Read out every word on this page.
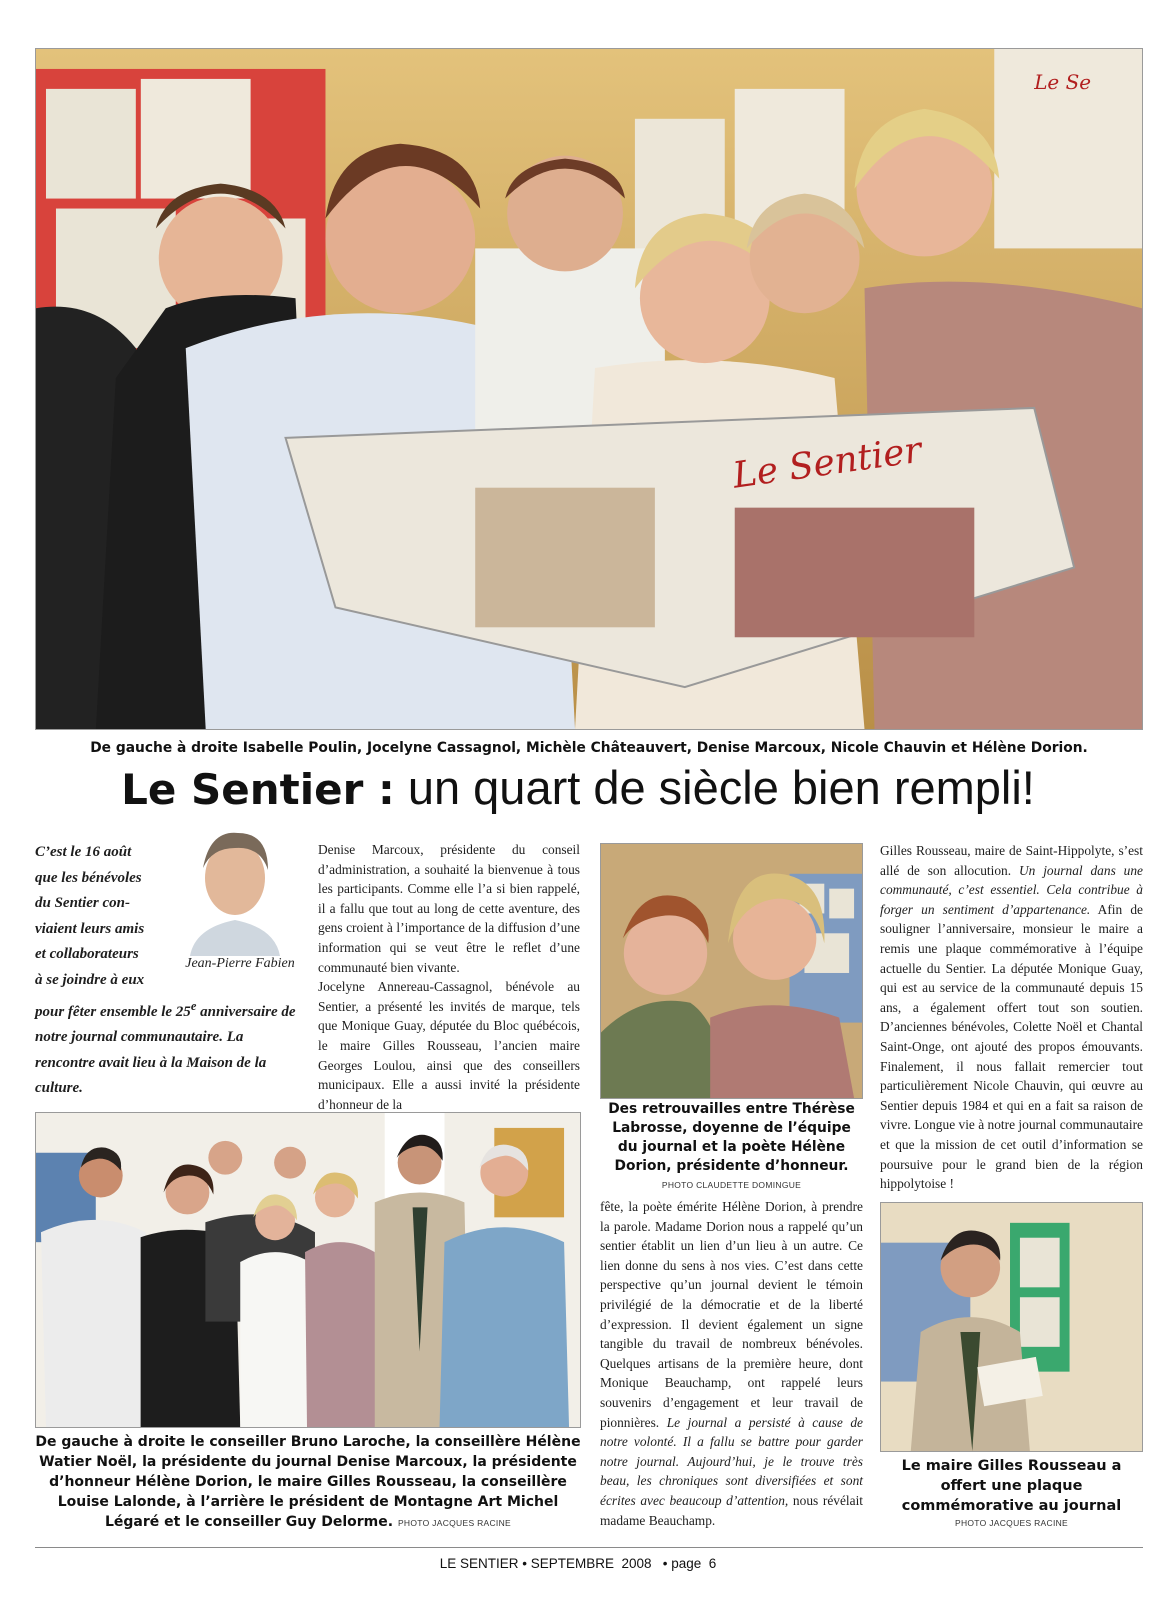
Le Se
Le Sentier
De gauche à droite Isabelle Poulin, Jocelyne Cassagnol, Michèle Châteauvert, Denise Marcoux, Nicole Chauvin et Hélène Dorion.
Le Sentier : un quart de siècle bien rempli!
C’est le 16 août
que les bénévoles
du Sentier con-
viaient leurs amis
et collaborateurs
à se joindre à eux
pour fêter ensemble le 25e anniversaire de notre journal communautaire. La rencontre avait lieu à la Maison de la culture.
Jean-Pierre Fabien

Denise Marcoux, présidente du conseil d’administration, a souhaité la bienvenue à tous les participants. Comme elle l’a si bien rappelé, il a fallu que tout au long de cette aventure, des gens croient à l’importance de la diffusion d’une information qui se veut être le reflet d’une communauté bien vivante.

Jocelyne Annereau-Cassagnol, bénévole au Sentier, a présenté les invités de marque, tels que Monique Guay, députée du Bloc québécois, le maire Gilles Rousseau, l’ancien maire Georges Loulou, ainsi que des conseillers municipaux. Elle a aussi invité la présidente d’honneur de la	Des retrouvailles entre Thérèse Labrosse, doyenne de l’équipe du journal et la poète Hélène Dorion, présidente d’honneur.
PHOTO CLAUDETTE DOMINGUE
fête, la poète émérite Hélène Dorion, à prendre la parole. Madame Dorion nous a rappelé qu’un sentier établit un lien d’un lieu à un autre. Ce lien donne du sens à nos vies. C’est dans cette perspective qu’un journal devient le témoin privilégié de la démocratie et de la liberté d’expression. Il devient également un signe tangible du travail de nombreux bénévoles. Quelques artisans de la première heure, dont Monique Beauchamp, ont rappelé leurs souvenirs d’engagement et leur travail de pionnières. Le journal a persisté à cause de notre volonté. Il a fallu se battre pour garder notre journal. Aujourd’hui, je le trouve très beau, les chroniques sont diversifiées et sont écrites avec beaucoup d’attention, nous révélait madame Beauchamp.
Gilles Rousseau, maire de Saint-Hippolyte, s’est allé de son allocution. Un journal dans une communauté, c’est essentiel. Cela contribue à forger un sentiment d’appartenance. Afin de souligner l’anniversaire, monsieur le maire a remis une plaque commémorative à l’équipe actuelle du Sentier. La députée Monique Guay, qui est au service de la communauté depuis 15 ans, a également offert tout son soutien. D’anciennes bénévoles, Colette Noël et Chantal Saint-Onge, ont ajouté des propos émouvants. Finalement, il nous fallait remercier tout particulièrement Nicole Chauvin, qui œuvre au Sentier depuis 1984 et qui en a fait sa raison de vivre. Longue vie à notre journal communautaire et que la mission de cet outil d’information se poursuive pour le grand bien de la région hippolytoise !
Le maire Gilles Rousseau a offert une plaque commémorative au journal
PHOTO JACQUES RACINE
De gauche à droite le conseiller Bruno Laroche, la conseillère Hélène Watier Noël, la présidente du journal Denise Marcoux, la présidente d’honneur Hélène Dorion, le maire Gilles Rousseau, la conseillère Louise Lalonde, à l’arrière le président de Montagne Art Michel Légaré et le conseiller Guy Delorme. PHOTO JACQUES RACINE
LE SENTIER • SEPTEMBRE  2008   • page  6
